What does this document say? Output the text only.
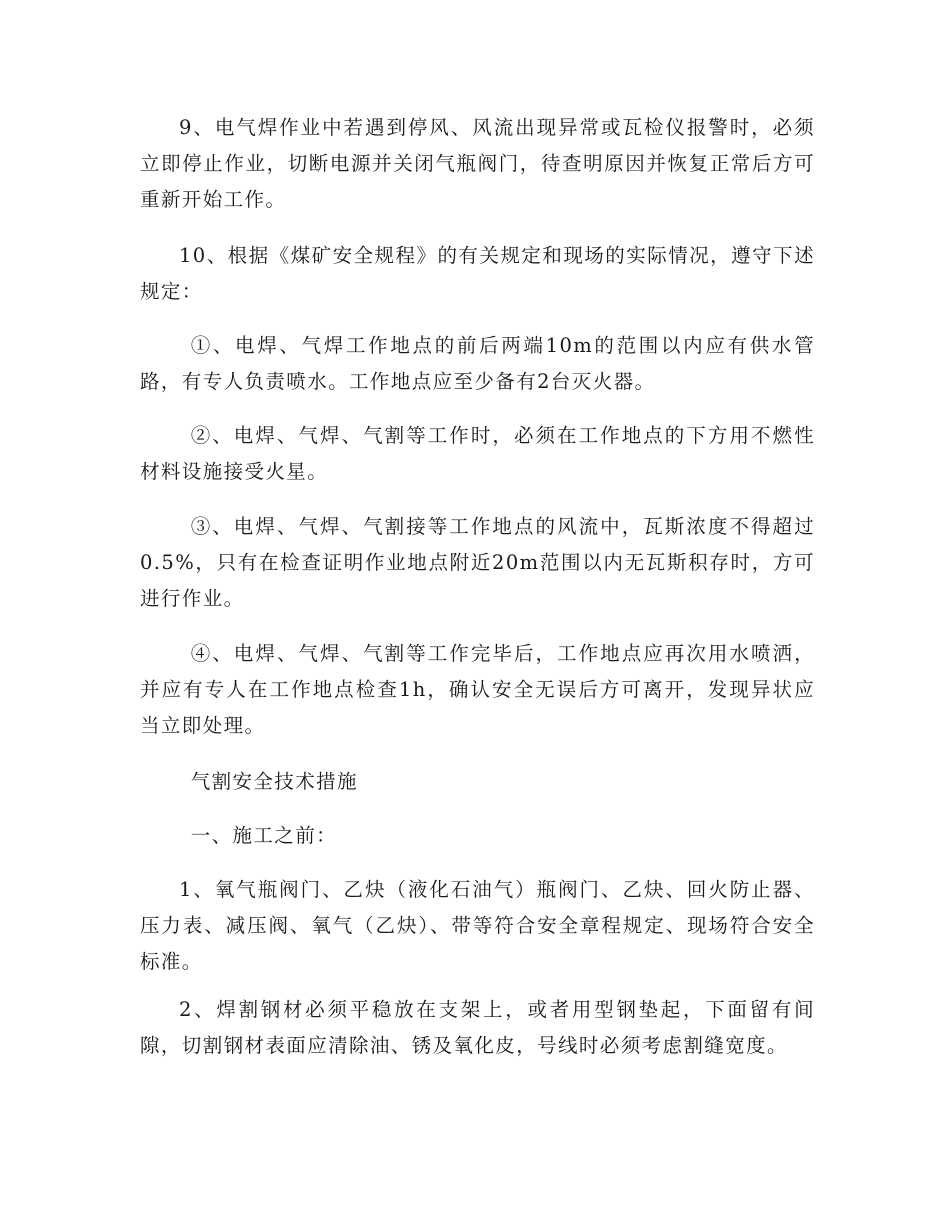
9、电气焊作业中若遇到停风、风流出现异常或瓦检仪报警时，必须立即停止作业，切断电源并关闭气瓶阀门，待查明原因并恢复正常后方可重新开始工作。

10、根据《煤矿安全规程》的有关规定和现场的实际情况，遵守下述规定：

①、电焊、气焊工作地点的前后两端10m的范围以内应有供水管路，有专人负责喷水。工作地点应至少备有2台灭火器。

②、电焊、气焊、气割等工作时，必须在工作地点的下方用不燃性材料设施接受火星。

③、电焊、气焊、气割接等工作地点的风流中，瓦斯浓度不得超过0.5%，只有在检查证明作业地点附近20m范围以内无瓦斯积存时，方可进行作业。

④、电焊、气焊、气割等工作完毕后，工作地点应再次用水喷洒，并应有专人在工作地点检查1h，确认安全无误后方可离开，发现异状应当立即处理。

气割安全技术措施

一、施工之前：

1、氧气瓶阀门、乙炔（液化石油气）瓶阀门、乙炔、回火防止器、压力表、减压阀、氧气（乙炔）、带等符合安全章程规定、现场符合安全标准。

2、焊割钢材必须平稳放在支架上，或者用型钢垫起，下面留有间隙，切割钢材表面应清除油、锈及氧化皮，号线时必须考虑割缝宽度。
